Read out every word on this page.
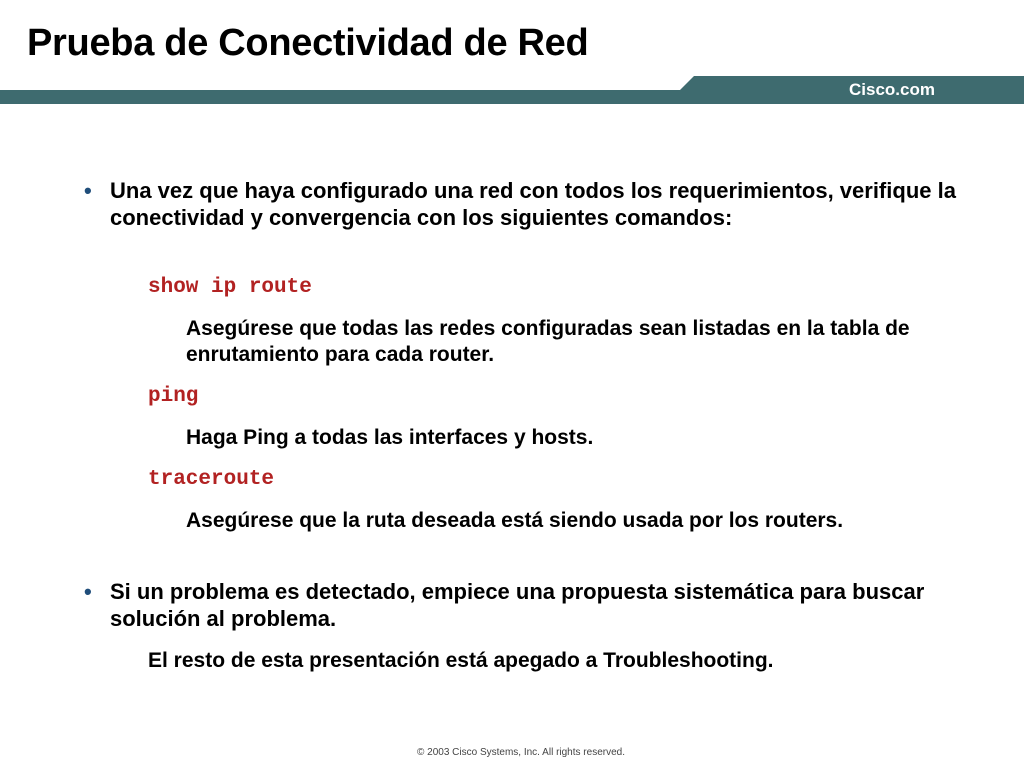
Prueba de Conectividad de Red
Cisco.com
• Una vez que haya configurado una red con todos los requerimientos, verifique la conectividad y convergencia con los siguientes comandos:
show ip route
Asegúrese que todas las redes configuradas sean listadas en la tabla de enrutamiento para cada router.
ping
Haga Ping a todas las interfaces y hosts.
traceroute
Asegúrese que la ruta deseada está siendo usada por los routers.
• Si un problema es detectado, empiece una propuesta sistemática para buscar solución al problema.
El resto de esta presentación está apegado a Troubleshooting.
© 2003 Cisco Systems, Inc. All rights reserved.
